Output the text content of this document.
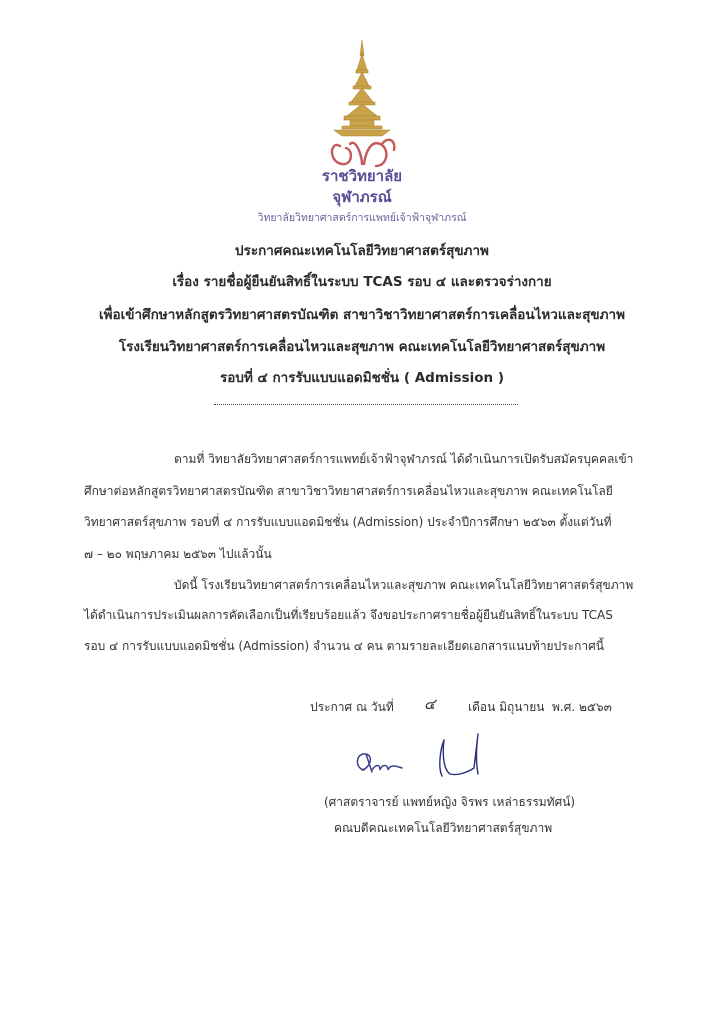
ราชวิทยาลัย
จุฬาภรณ์
วิทยาลัยวิทยาศาสตร์การแพทย์เจ้าฟ้าจุฬาภรณ์
ประกาศคณะเทคโนโลยีวิทยาศาสตร์สุขภาพ
เรื่อง รายชื่อผู้ยืนยันสิทธิ์ในระบบ TCAS รอบ ๔ และตรวจร่างกาย
เพื่อเข้าศึกษาหลักสูตรวิทยาศาสตรบัณฑิต สาขาวิชาวิทยาศาสตร์การเคลื่อนไหวและสุขภาพ
โรงเรียนวิทยาศาสตร์การเคลื่อนไหวและสุขภาพ คณะเทคโนโลยีวิทยาศาสตร์สุขภาพ
รอบที่ ๔ การรับแบบแอดมิชชั่น ( Admission )
ตามที่ วิทยาลัยวิทยาศาสตร์การแพทย์เจ้าฟ้าจุฬาภรณ์ ได้ดำเนินการเปิดรับสมัครบุคคลเข้า
ศึกษาต่อหลักสูตรวิทยาศาสตรบัณฑิต สาขาวิชาวิทยาศาสตร์การเคลื่อนไหวและสุขภาพ คณะเทคโนโลยี
วิทยาศาสตร์สุขภาพ รอบที่ ๔ การรับแบบแอดมิชชั่น (Admission) ประจำปีการศึกษา ๒๕๖๓ ตั้งแต่วันที่
๗ – ๒๐ พฤษภาคม ๒๕๖๓ ไปแล้วนั้น
บัดนี้ โรงเรียนวิทยาศาสตร์การเคลื่อนไหวและสุขภาพ คณะเทคโนโลยีวิทยาศาสตร์สุขภาพ
ได้ดำเนินการประเมินผลการคัดเลือกเป็นที่เรียบร้อยแล้ว จึงขอประกาศรายชื่อผู้ยืนยันสิทธิ์ในระบบ TCAS
รอบ ๔ การรับแบบแอดมิชชั่น (Admission) จำนวน ๔ คน ตามรายละเอียดเอกสารแนบท้ายประกาศนี้
ประกาศ ณ วันที่ ๔	เดือน มิถุนายน พ.ศ. ๒๕๖๓
(ศาสตราจารย์ แพทย์หญิง จิรพร เหล่าธรรมทัศน์)
คณบดีคณะเทคโนโลยีวิทยาศาสตร์สุขภาพ
